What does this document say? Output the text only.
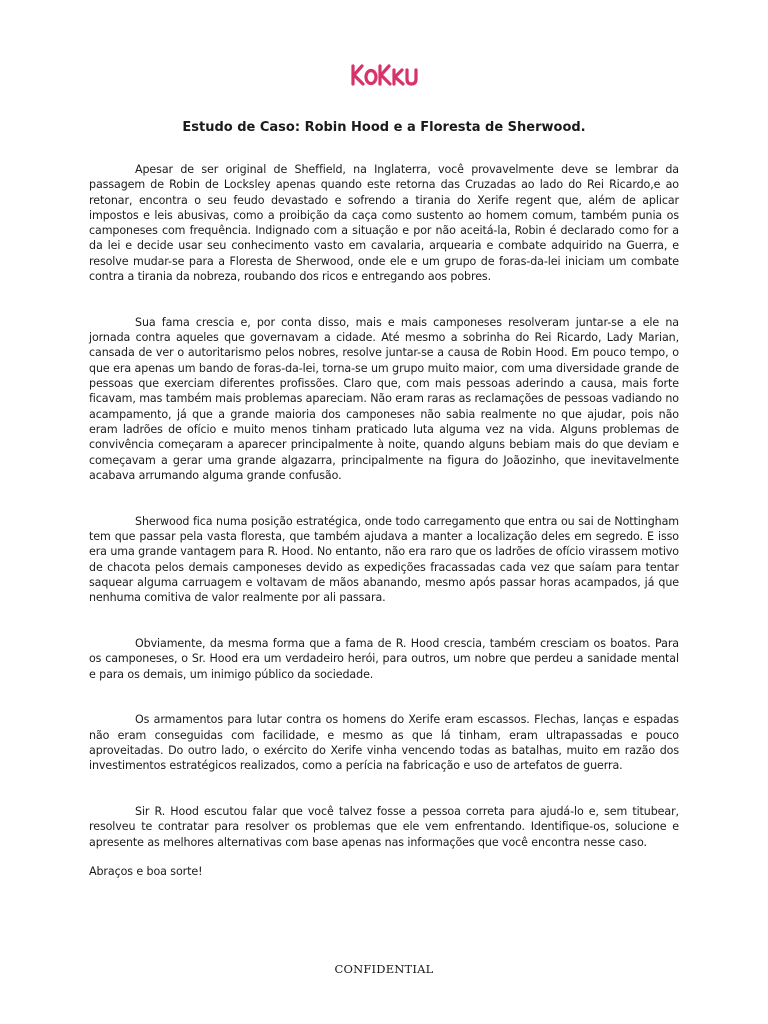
Estudo de Caso: Robin Hood e a Floresta de Sherwood.

Apesar de ser original de Sheffield, na Inglaterra, você provavelmente deve se lembrar da passagem de Robin de Locksley apenas quando este retorna das Cruzadas ao lado do Rei Ricardo,e ao retonar, encontra o seu feudo devastado e sofrendo a tirania do Xerife regent que, além de aplicar impostos e leis abusivas, como a proibição da caça como sustento ao homem comum, também punia os camponeses com frequência. Indignado com a situação e por não aceitá-la, Robin é declarado como for a da lei e decide usar seu conhecimento vasto em cavalaria, arquearia e combate adquirido na Guerra, e resolve mudar-se para a Floresta de Sherwood, onde ele e um grupo de foras-da-lei iniciam um combate contra a tirania da nobreza, roubando dos ricos e entregando aos pobres.

Sua fama crescia e, por conta disso, mais e mais camponeses resolveram juntar-se a ele na jornada contra aqueles que governavam a cidade. Até mesmo a sobrinha do Rei Ricardo, Lady Marian, cansada de ver o autoritarismo pelos nobres, resolve juntar-se a causa de Robin Hood. Em pouco tempo, o que era apenas um bando de foras-da-lei, torna-se um grupo muito maior, com uma diversidade grande de pessoas que exerciam diferentes profissões. Claro que, com mais pessoas aderindo a causa, mais forte ficavam, mas também mais problemas apareciam. Não eram raras as reclamações de pessoas vadiando no acampamento, já que a grande maioria dos camponeses não sabia realmente no que ajudar, pois não eram ladrões de ofício e muito menos tinham praticado luta alguma vez na vida. Alguns problemas de convivência começaram a aparecer principalmente à noite, quando alguns bebiam mais do que deviam e começavam a gerar uma grande algazarra, principalmente na figura do Joãozinho, que inevitavelmente acabava arrumando alguma grande confusão.

Sherwood fica numa posição estratégica, onde todo carregamento que entra ou sai de Nottingham tem que passar pela vasta floresta, que também ajudava a manter a localização deles em segredo. E isso era uma grande vantagem para R. Hood. No entanto, não era raro que os ladrões de ofício virassem motivo de chacota pelos demais camponeses devido as expedições fracassadas cada vez que saíam para tentar saquear alguma carruagem e voltavam de mãos abanando, mesmo após passar horas acampados, já que nenhuma comitiva de valor realmente por ali passara.

Obviamente, da mesma forma que a fama de R. Hood crescia, também cresciam os boatos. Para os camponeses, o Sr. Hood era um verdadeiro herói, para outros, um nobre que perdeu a sanidade mental e para os demais, um inimigo público da sociedade.

Os armamentos para lutar contra os homens do Xerife eram escassos. Flechas, lanças e espadas não eram conseguidas com facilidade, e mesmo as que lá tinham, eram ultrapassadas e pouco aproveitadas. Do outro lado, o exército do Xerife vinha vencendo todas as batalhas, muito em razão dos investimentos estratégicos realizados, como a perícia na fabricação e uso de artefatos de guerra.

Sir R. Hood escutou falar que você talvez fosse a pessoa correta para ajudá-lo e, sem titubear, resolveu te contratar para resolver os problemas que ele vem enfrentando. Identifique-os, solucione e apresente as melhores alternativas com base apenas nas informações que você encontra nesse caso.

Abraços e boa sorte!

CONFIDENTIAL
